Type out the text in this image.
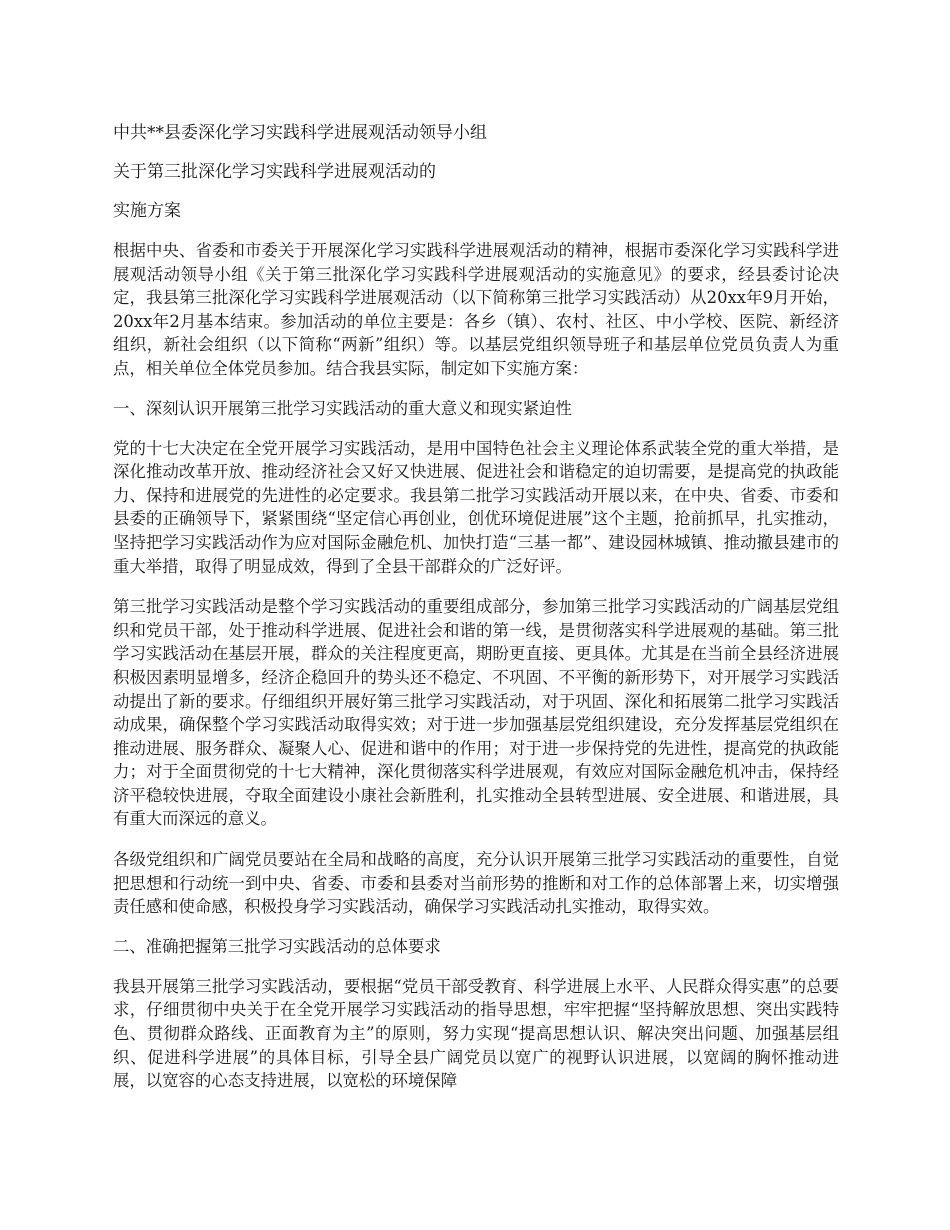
中共**县委深化学习实践科学进展观活动领导小组
关于第三批深化学习实践科学进展观活动的
实施方案

根据中央、省委和市委关于开展深化学习实践科学进展观活动的精神，根据市委深化学习实践科学进展观活动领导小组《关于第三批深化学习实践科学进展观活动的实施意见》的要求，经县委讨论决定，我县第三批深化学习实践科学进展观活动（以下简称第三批学习实践活动）从20xx年9月开始，20xx年2月基本结束。参加活动的单位主要是：各乡（镇）、农村、社区、中小学校、医院、新经济组织，新社会组织（以下简称“两新”组织）等。以基层党组织领导班子和基层单位党员负责人为重点，相关单位全体党员参加。结合我县实际，制定如下实施方案：

一、深刻认识开展第三批学习实践活动的重大意义和现实紧迫性

党的十七大决定在全党开展学习实践活动，是用中国特色社会主义理论体系武装全党的重大举措，是深化推动改革开放、推动经济社会又好又快进展、促进社会和谐稳定的迫切需要，是提高党的执政能力、保持和进展党的先进性的必定要求。我县第二批学习实践活动开展以来，在中央、省委、市委和县委的正确领导下，紧紧围绕“坚定信心再创业，创优环境促进展”这个主题，抢前抓早，扎实推动，坚持把学习实践活动作为应对国际金融危机、加快打造“三基一都”、建设园林城镇、推动撤县建市的重大举措，取得了明显成效，得到了全县干部群众的广泛好评。

第三批学习实践活动是整个学习实践活动的重要组成部分，参加第三批学习实践活动的广阔基层党组织和党员干部，处于推动科学进展、促进社会和谐的第一线，是贯彻落实科学进展观的基础。第三批学习实践活动在基层开展，群众的关注程度更高，期盼更直接、更具体。尤其是在当前全县经济进展积极因素明显增多，经济企稳回升的势头还不稳定、不巩固、不平衡的新形势下，对开展学习实践活动提出了新的要求。仔细组织开展好第三批学习实践活动，对于巩固、深化和拓展第二批学习实践活动成果，确保整个学习实践活动取得实效；对于进一步加强基层党组织建设，充分发挥基层党组织在推动进展、服务群众、凝聚人心、促进和谐中的作用；对于进一步保持党的先进性，提高党的执政能力；对于全面贯彻党的十七大精神，深化贯彻落实科学进展观，有效应对国际金融危机冲击，保持经济平稳较快进展，夺取全面建设小康社会新胜利，扎实推动全县转型进展、安全进展、和谐进展，具有重大而深远的意义。

各级党组织和广阔党员要站在全局和战略的高度，充分认识开展第三批学习实践活动的重要性，自觉把思想和行动统一到中央、省委、市委和县委对当前形势的推断和对工作的总体部署上来，切实增强责任感和使命感，积极投身学习实践活动，确保学习实践活动扎实推动，取得实效。

二、准确把握第三批学习实践活动的总体要求

我县开展第三批学习实践活动，要根据“党员干部受教育、科学进展上水平、人民群众得实惠”的总要求，仔细贯彻中央关于在全党开展学习实践活动的指导思想，牢牢把握“坚持解放思想、突出实践特色、贯彻群众路线、正面教育为主”的原则，努力实现“提高思想认识、解决突出问题、加强基层组织、促进科学进展”的具体目标，引导全县广阔党员以宽广的视野认识进展，以宽阔的胸怀推动进展，以宽容的心态支持进展，以宽松的环境保障
